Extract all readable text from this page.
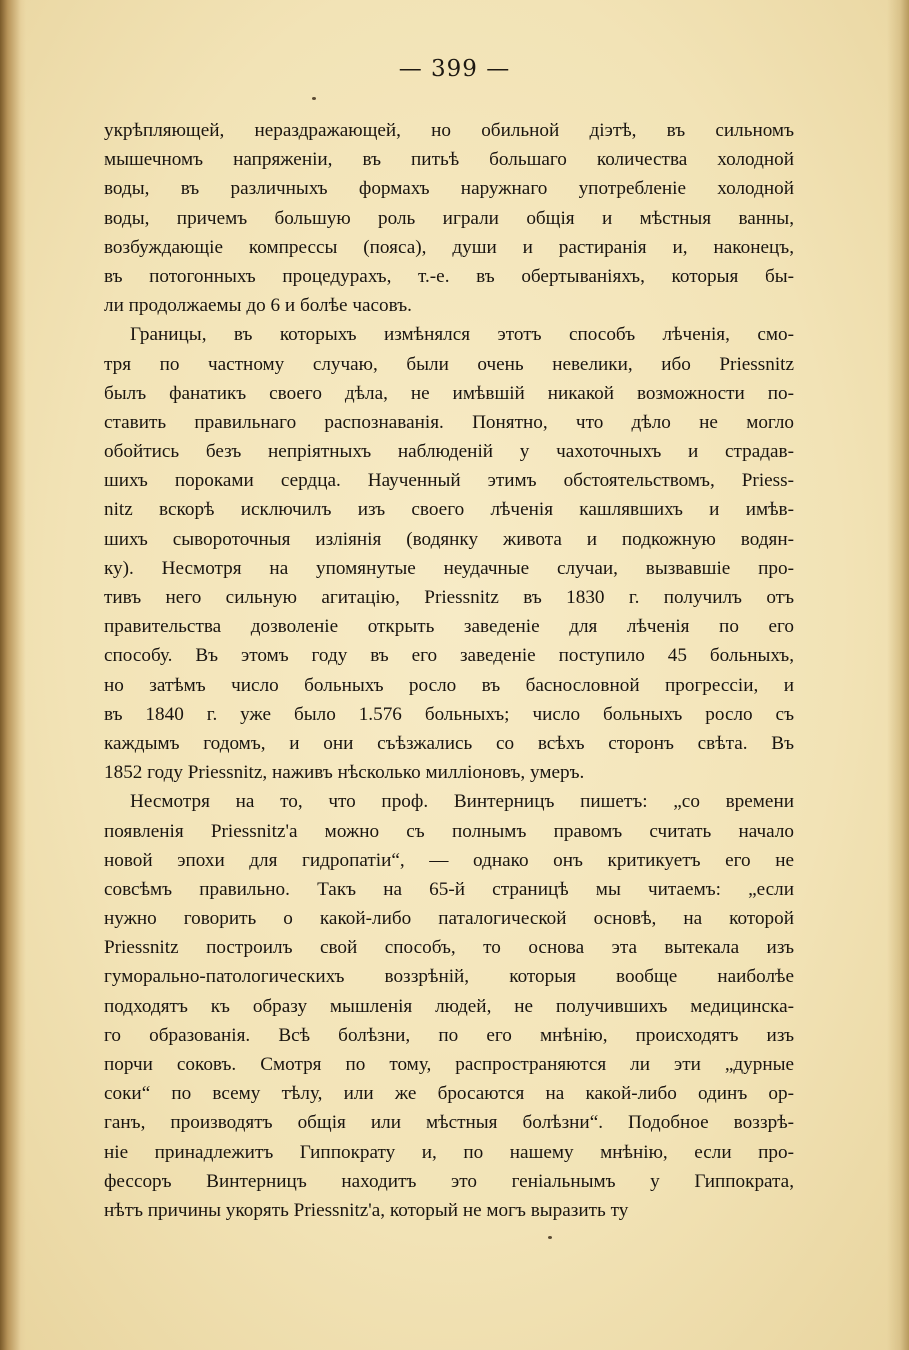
— 399 —
укрѣпляющей, нераздражающей, но обильной дiэтѣ, въ сильномъ
мышечномъ напряженiи, въ питьѣ большаго количества холодной
воды, въ различныхъ формахъ наружнаго употребленiе холодной
воды, причемъ большую роль играли общiя и мѣстныя ванны,
возбуждающiе компрессы (пояса), души и растиранiя и, наконецъ,
въ потогонныхъ процедурахъ, т.-е. въ обертыванiяхъ, которыя бы-
ли продолжаемы до 6 и болѣе часовъ.
Границы, въ которыхъ измѣнялся этотъ способъ лѣченiя, смо-
тря по частному случаю, были очень невелики, ибо Priessnitz
былъ фанатикъ своего дѣла, не имѣвшiй никакой возможности по-
ставить правильнаго распознаванiя. Понятно, что дѣло не могло
обойтись безъ непрiятныхъ наблюденiй у чахоточныхъ и страдав-
шихъ пороками сердца. Наученный этимъ обстоятельствомъ, Priess-
nitz вскорѣ исключилъ изъ своего лѣченiя кашлявшихъ и имѣв-
шихъ сывороточныя излiянiя (водянку живота и подкожную водян-
ку). Несмотря на упомянутые неудачные случаи, вызвавшiе про-
тивъ него сильную агитацiю, Priessnitz въ 1830 г. получилъ отъ
правительства дозволенiе открыть заведенiе для лѣченiя по его
способу. Въ этомъ году въ его заведенiе поступило 45 больныхъ,
но затѣмъ число больныхъ росло въ баснословной прогрессiи, и
въ 1840 г. уже было 1.576 больныхъ; число больныхъ росло съ
каждымъ годомъ, и они съѣзжались со всѣхъ сторонъ свѣта. Въ
1852 году Priessnitz, наживъ нѣсколько миллiоновъ, умеръ.
Несмотря на то, что проф. Винтерницъ пишетъ: „со времени
появленiя Priessnitz'а можно съ полнымъ правомъ считать начало
новой эпохи для гидропатiи“, — однако онъ критикуетъ его не
совсѣмъ правильно. Такъ на 65-й страницѣ мы читаемъ: „если
нужно говорить о какой-либо паталогической основѣ, на которой
Priessnitz построилъ свой способъ, то основа эта вытекала изъ
гуморально-патологическихъ воззрѣнiй, которыя вообще наиболѣе
подходятъ къ образу мышленiя людей, не получившихъ медицинска-
го образованiя. Всѣ болѣзни, по его мнѣнiю, происходятъ изъ
порчи соковъ. Смотря по тому, распространяются ли эти „дурные
соки“ по всему тѣлу, или же бросаются на какой-либо одинъ ор-
ганъ, производятъ общiя или мѣстныя болѣзни“. Подобное воззрѣ-
нiе принадлежитъ Гиппократу и, по нашему мнѣнiю, если про-
фессоръ Винтерницъ находитъ это генiальнымъ у Гиппократа,
нѣтъ причины укорять Priessnitz'а, который не могъ выразить ту
